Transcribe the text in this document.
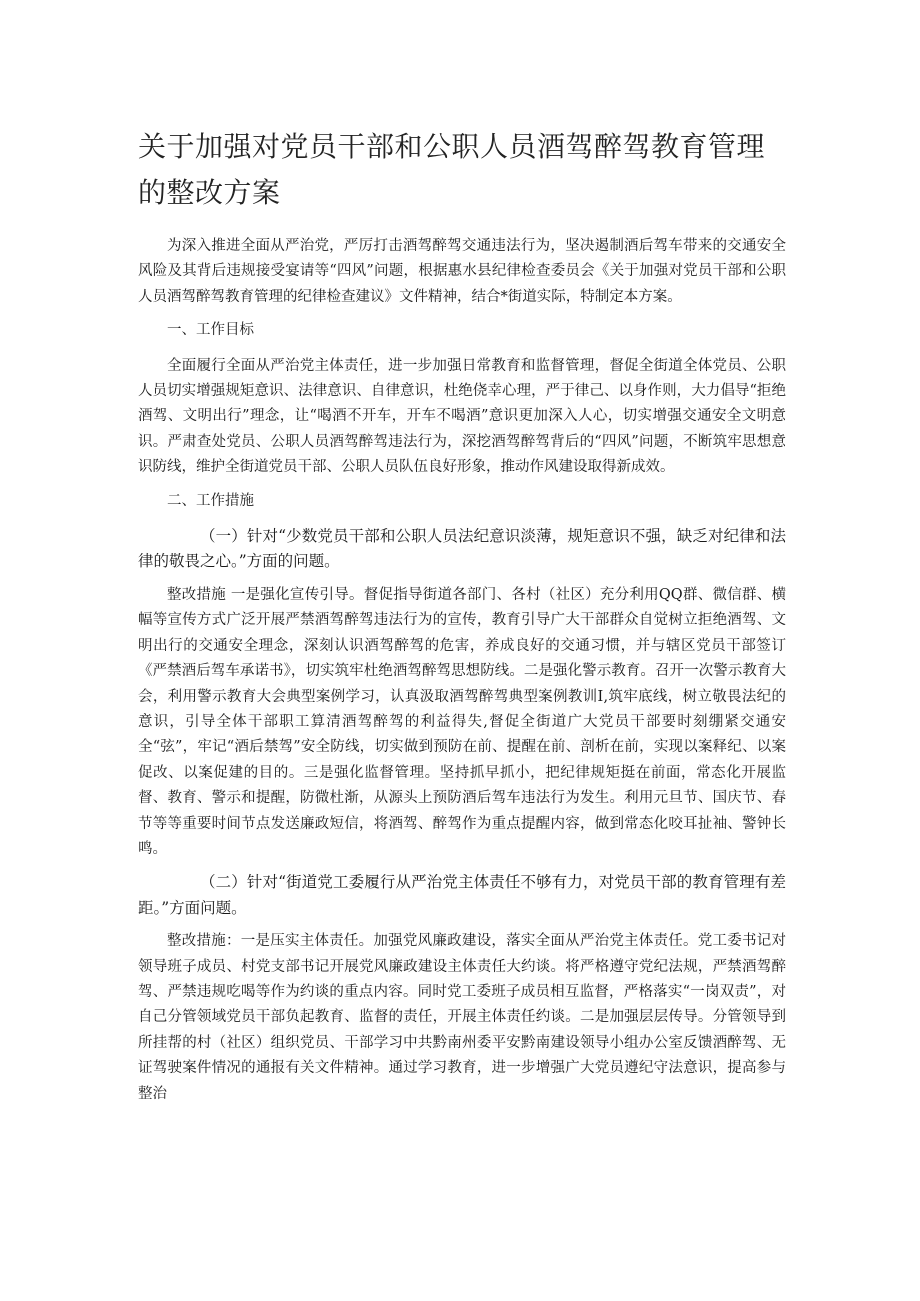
关于加强对党员干部和公职人员酒驾醉驾教育管理的整改方案

为深入推进全面从严治党，严厉打击酒驾醉驾交通违法行为，坚决遏制酒后驾车带来的交通安全风险及其背后违规接受宴请等“四风”问题，根据惠水县纪律检查委员会《关于加强对党员干部和公职人员酒驾醉驾教育管理的纪律检查建议》文件精神，结合*街道实际，特制定本方案。

一、工作目标

全面履行全面从严治党主体责任，进一步加强日常教育和监督管理，督促全街道全体党员、公职人员切实增强规矩意识、法律意识、自律意识，杜绝侥幸心理，严于律己、以身作则，大力倡导“拒绝酒驾、文明出行”理念，让“喝酒不开车，开车不喝酒”意识更加深入人心，切实增强交通安全文明意识。严肃查处党员、公职人员酒驾醉驾违法行为，深挖酒驾醉驾背后的“四风”问题，不断筑牢思想意识防线，维护全街道党员干部、公职人员队伍良好形象，推动作风建设取得新成效。

二、工作措施

（一）针对“少数党员干部和公职人员法纪意识淡薄，规矩意识不强，缺乏对纪律和法律的敬畏之心。”方面的问题。

整改措施 一是强化宣传引导。督促指导街道各部门、各村（社区）充分利用QQ群、微信群、横幅等宣传方式广泛开展严禁酒驾醉驾违法行为的宣传，教育引导广大干部群众自觉树立拒绝酒驾、文明出行的交通安全理念，深刻认识酒驾醉驾的危害，养成良好的交通习惯，并与辖区党员干部签订《严禁酒后驾车承诺书》，切实筑牢杜绝酒驾醉驾思想防线。二是强化警示教育。召开一次警示教育大会，利用警示教育大会典型案例学习，认真汲取酒驾醉驾典型案例教训Ⅰ,筑牢底线，树立敬畏法纪的意识，引导全体干部职工算清酒驾醉驾的利益得失,督促全街道广大党员干部要时刻绷紧交通安全“弦”，牢记“酒后禁驾”安全防线，切实做到预防在前、提醒在前、剖析在前，实现以案释纪、以案促改、以案促建的目的。三是强化监督管理。坚持抓早抓小，把纪律规矩挺在前面，常态化开展监督、教育、警示和提醒，防微杜渐，从源头上预防酒后驾车违法行为发生。利用元旦节、国庆节、春节等等重要时间节点发送廉政短信，将酒驾、醉驾作为重点提醒内容，做到常态化咬耳扯袖、警钟长鸣。

（二）针对“街道党工委履行从严治党主体责任不够有力，对党员干部的教育管理有差距。”方面问题。

整改措施：一是压实主体责任。加强党风廉政建设，落实全面从严治党主体责任。党工委书记对领导班子成员、村党支部书记开展党风廉政建设主体责任大约谈。将严格遵守党纪法规，严禁酒驾醉驾、严禁违规吃喝等作为约谈的重点内容。同时党工委班子成员相互监督，严格落实“一岗双责”，对自己分管领域党员干部负起教育、监督的责任，开展主体责任约谈。二是加强层层传导。分管领导到所挂帮的村（社区）组织党员、干部学习中共黔南州委平安黔南建设领导小组办公室反馈酒醉驾、无证驾驶案件情况的通报有关文件精神。通过学习教育，进一步增强广大党员遵纪守法意识，提高参与整治
